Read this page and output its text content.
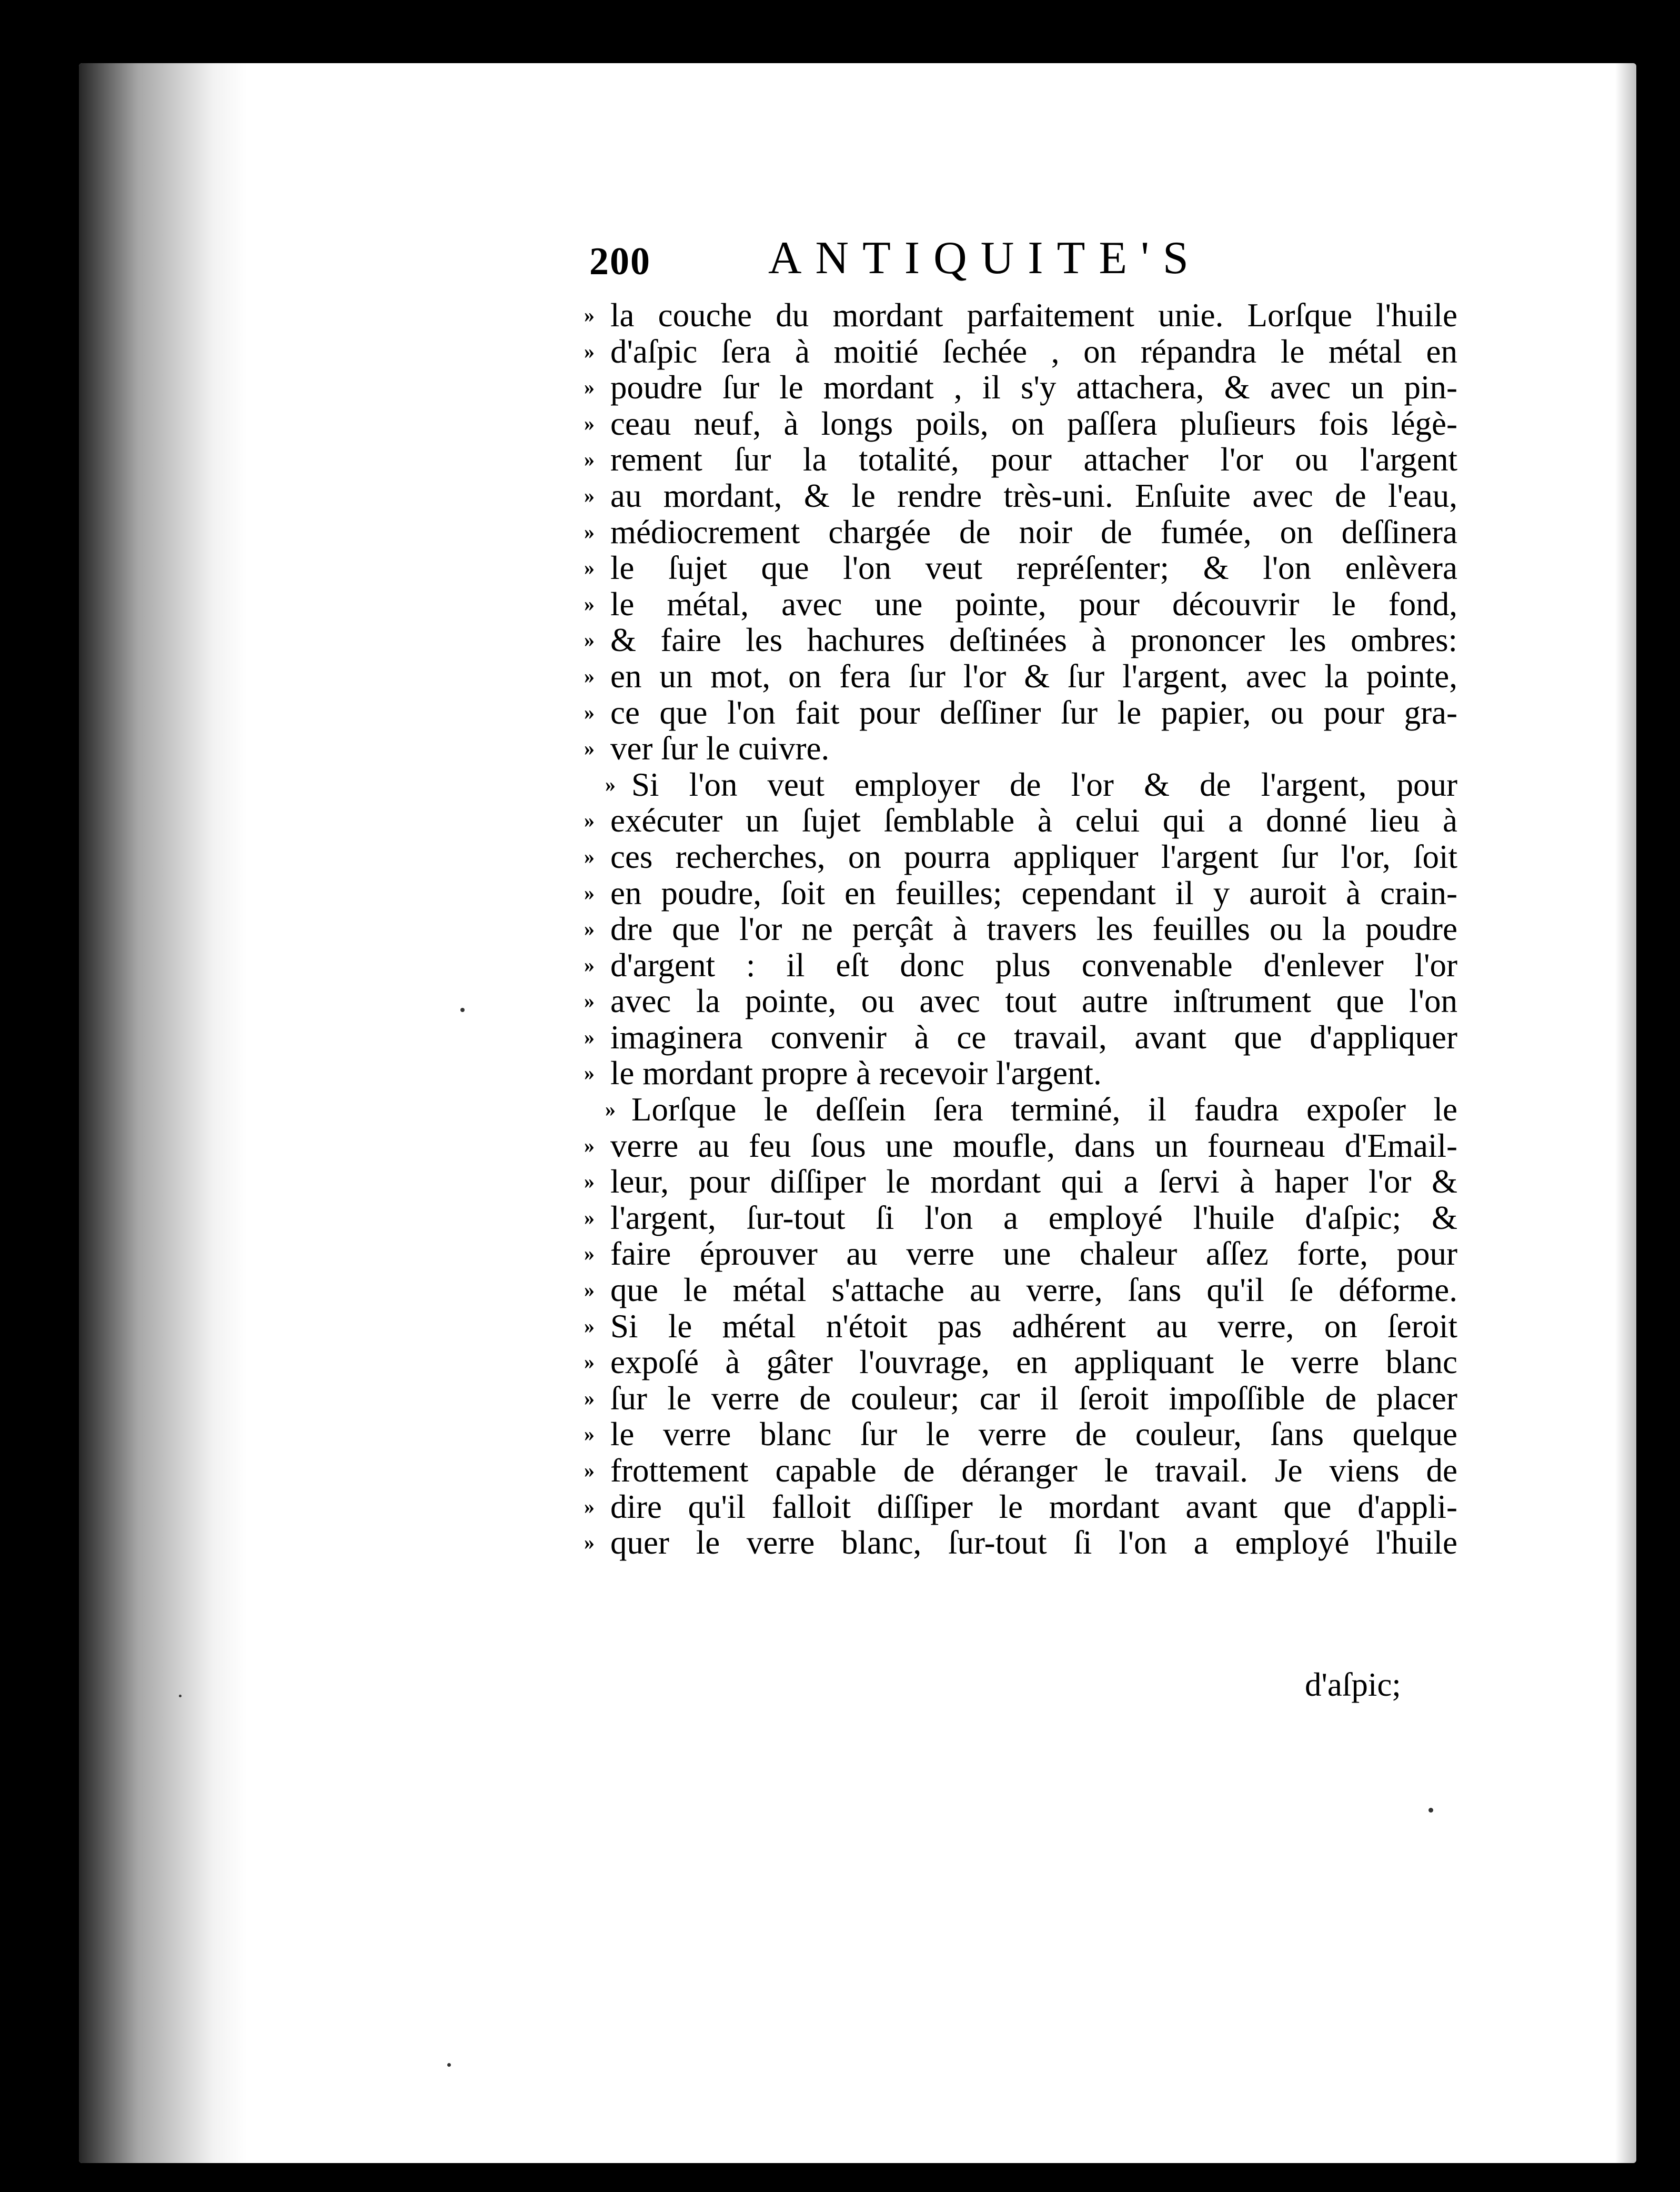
200	ANTIQUITE'S
» la couche du mordant parfaitement unie. Lorſque l'huile
» d'aſpic ſera à moitié ſechée , on répandra le métal en
» poudre ſur le mordant , il s'y attachera, & avec un pin-
» ceau neuf, à longs poils, on paſſera pluſieurs fois légè-
» rement ſur la totalité, pour attacher l'or ou l'argent
» au mordant, & le rendre très-uni. Enſuite avec de l'eau,
» médiocrement chargée de noir de fumée, on deſſinera
» le ſujet que l'on veut repréſenter; & l'on enlèvera
» le métal, avec une pointe, pour découvrir le fond,
» & faire les hachures deſtinées à prononcer les ombres:
» en un mot, on fera ſur l'or & ſur l'argent, avec la pointe,
» ce que l'on fait pour deſſiner ſur le papier, ou pour gra-
» ver ſur le cuivre.
» Si l'on veut employer de l'or & de l'argent, pour
» exécuter un ſujet ſemblable à celui qui a donné lieu à
» ces recherches, on pourra appliquer l'argent ſur l'or, ſoit
» en poudre, ſoit en feuilles; cependant il y auroit à crain-
» dre que l'or ne perçât à travers les feuilles ou la poudre
» d'argent : il eſt donc plus convenable d'enlever l'or
» avec la pointe, ou avec tout autre inſtrument que l'on
» imaginera convenir à ce travail, avant que d'appliquer
» le mordant propre à recevoir l'argent.
» Lorſque le deſſein ſera terminé, il faudra expoſer le
» verre au feu ſous une moufle, dans un fourneau d'Email-
» leur, pour diſſiper le mordant qui a ſervi à haper l'or &
» l'argent, ſur-tout ſi l'on a employé l'huile d'aſpic; &
» faire éprouver au verre une chaleur aſſez forte, pour
» que le métal s'attache au verre, ſans qu'il ſe déforme.
» Si le métal n'étoit pas adhérent au verre, on ſeroit
» expoſé à gâter l'ouvrage, en appliquant le verre blanc
» ſur le verre de couleur; car il ſeroit impoſſible de placer
» le verre blanc ſur le verre de couleur, ſans quelque
» frottement capable de déranger le travail. Je viens de
» dire qu'il falloit diſſiper le mordant avant que d'appli-
» quer le verre blanc, ſur-tout ſi l'on a employé l'huile
d'aſpic;
